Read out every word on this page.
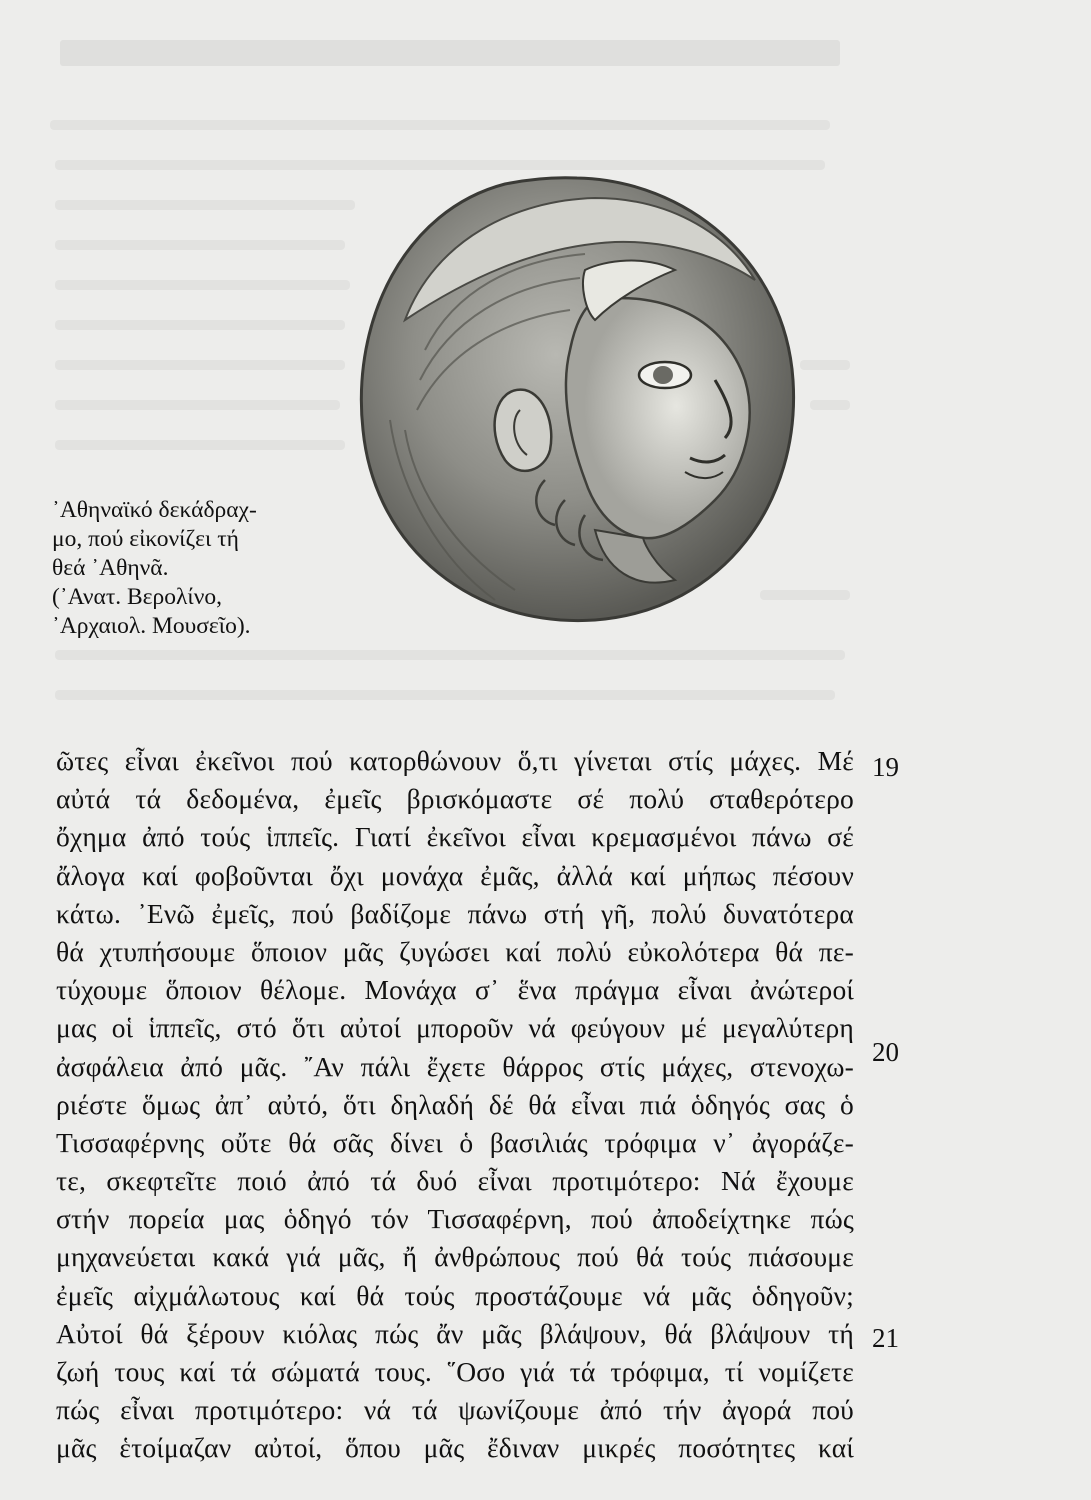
᾿Αθηναϊκό δεκάδραχ-
μο, πού εἰκονίζει τή
θεά ᾿Αθηνᾶ.
(᾿Ανατ. Βερολίνο,
᾿Αρχαιολ. Μουσεῖο).
ῶτες εἶναι ἐκεῖνοι πού κατορθώνουν ὅ,τι γίνεται στίς μάχες. Μέ
αὐτά τά δεδομένα, ἐμεῖς βρισκόμαστε σέ πολύ σταθερότερο
ὄχημα ἀπό τούς ἱππεῖς. Γιατί ἐκεῖνοι εἶναι κρεμασμένοι πάνω σέ
ἄλογα καί φοβοῦνται ὄχι μονάχα ἐμᾶς, ἀλλά καί μήπως πέσουν
κάτω. ᾿Ενῶ ἐμεῖς, πού βαδίζομε πάνω στή γῆ, πολύ δυνατότερα
θά χτυπήσουμε ὅποιον μᾶς ζυγώσει καί πολύ εὐκολότερα θά πε-
τύχουμε ὅποιον θέλομε. Μονάχα σ᾿ ἕνα πράγμα εἶναι ἀνώτεροί
μας οἱ ἱππεῖς, στό ὅτι αὐτοί μποροῦν νά φεύγουν μέ μεγαλύτερη
ἀσφάλεια ἀπό μᾶς. ῎Αν πάλι ἔχετε θάρρος στίς μάχες, στενοχω-
ριέστε ὅμως ἀπ᾿ αὐτό, ὅτι δηλαδή δέ θά εἶναι πιά ὁδηγός σας ὁ
Τισσαφέρνης οὔτε θά σᾶς δίνει ὁ βασιλιάς τρόφιμα ν᾿ ἀγοράζε-
τε, σκεφτεῖτε ποιό ἀπό τά δυό εἶναι προτιμότερο: Νά ἔχουμε
στήν πορεία μας ὁδηγό τόν Τισσαφέρνη, πού ἀποδείχτηκε πώς
μηχανεύεται κακά γιά μᾶς, ἤ ἀνθρώπους πού θά τούς πιάσουμε
ἐμεῖς αἰχμάλωτους καί θά τούς προστάζουμε νά μᾶς ὁδηγοῦν;
Αὐτοί θά ξέρουν κιόλας πώς ἄν μᾶς βλάψουν, θά βλάψουν τή
ζωή τους καί τά σώματά τους. ῞Οσο γιά τά τρόφιμα, τί νομίζετε
πώς εἶναι προτιμότερο: νά τά ψωνίζουμε ἀπό τήν ἀγορά πού
μᾶς ἑτοίμαζαν αὐτοί, ὅπου μᾶς ἔδιναν μικρές ποσότητες καί
19
20
21
